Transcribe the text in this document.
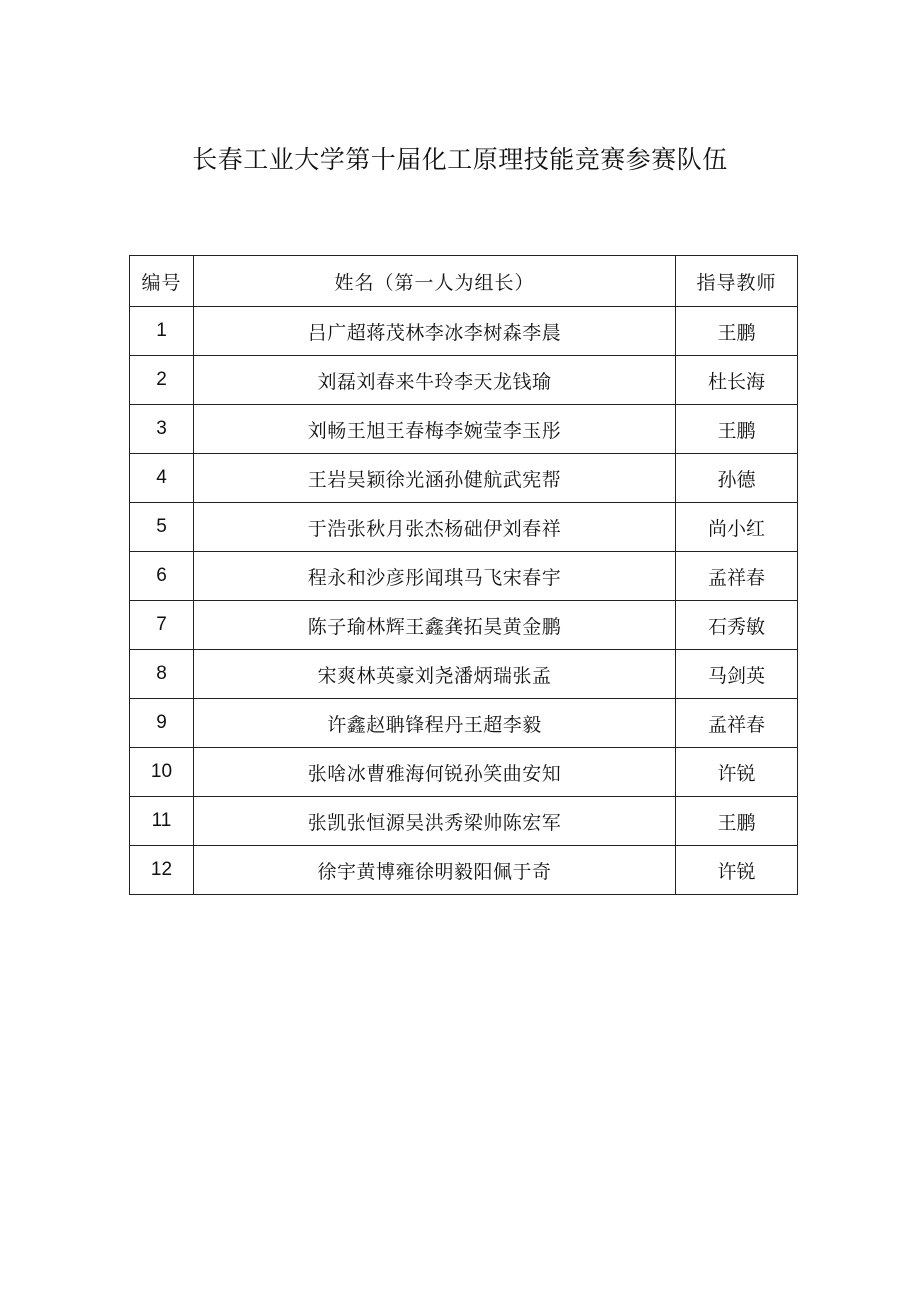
长春工业大学第十届化工原理技能竞赛参赛队伍
编号	姓名（第一人为组长）	指导教师
1	吕广超蒋茂林李冰李树森李晨	王鹏
2	刘磊刘春来牛玲李天龙钱瑜	杜长海
3	刘畅王旭王春梅李婉莹李玉彤	王鹏
4	王岩吴颖徐光涵孙健航武宪帮	孙德
5	于浩张秋月张杰杨础伊刘春祥	尚小红
6	程永和沙彦彤闻琪马飞宋春宇	孟祥春
7	陈子瑜林辉王鑫龚拓昊黄金鹏	石秀敏
8	宋爽林英豪刘尧潘炳瑞张孟	马剑英
9	许鑫赵聃锋程丹王超李毅	孟祥春
10	张啥冰曹雅海何锐孙笑曲安知	许锐
11	张凯张恒源吴洪秀梁帅陈宏军	王鹏
12	徐宇黄博雍徐明毅阳佩于奇	许锐
